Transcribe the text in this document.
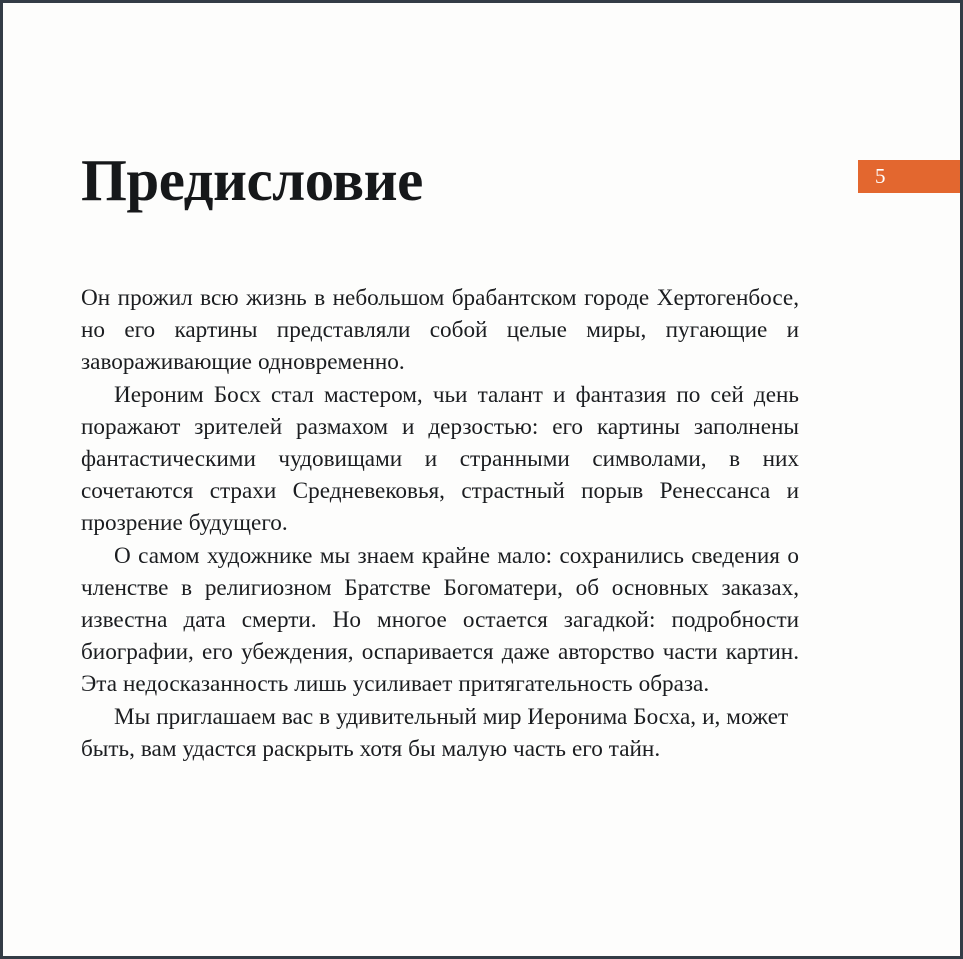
5
Предисловие

Он прожил всю жизнь в небольшом брабантском городе Хертогенбосе, но его картины представляли собой целые миры, пугающие и завораживающие одновременно.

Иероним Босх стал мастером, чьи талант и фантазия по сей день поражают зрителей размахом и дерзостью: его картины заполнены фантастическими чудовищами и странными символами, в них сочетаются страхи Средневековья, страстный порыв Ренессанса и прозрение будущего.

О самом художнике мы знаем крайне мало: сохранились сведения о членстве в религиозном Братстве Богоматери, об основных заказах, известна дата смерти. Но многое остается загадкой: подробности биографии, его убеждения, оспаривается даже авторство части картин. Эта недосказанность лишь усиливает притягательность образа.

Мы приглашаем вас в удивительный мир Иеронима Босха, и, может быть, вам удастся раскрыть хотя бы малую часть его тайн.
